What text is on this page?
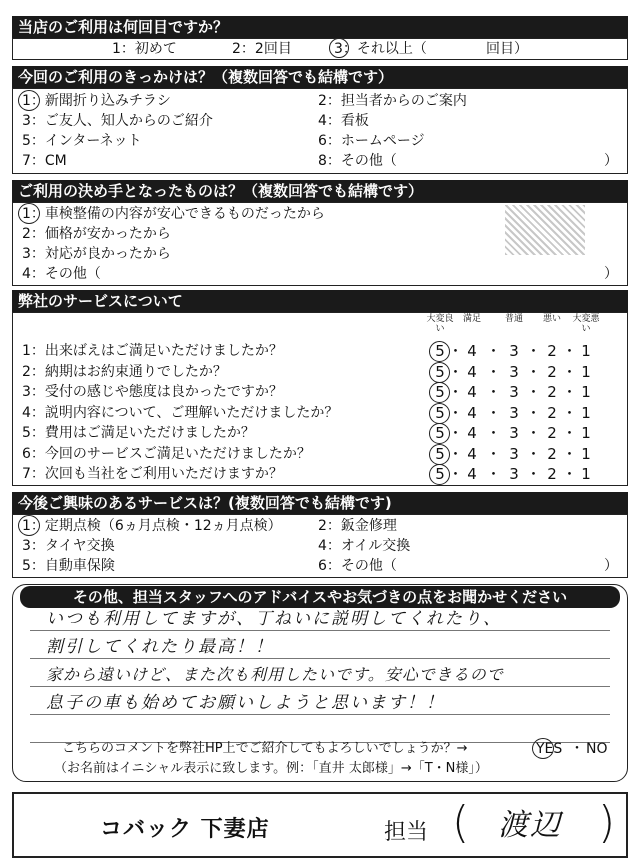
当店のご利用は何回目ですか？
1：初めて	2：2回目	3：それ以上（	回目）
今回のご利用のきっかけは？（複数回答でも結構です）
1：新聞折り込みチラシ	2：担当者からのご案内
3：ご友人、知人からのご紹介	4：看板
5：インターネット	6：ホームページ
7：CM	8：その他（	）
ご利用の決め手となったものは？（複数回答でも結構です）
1：車検整備の内容が安心できるものだったから
2：価格が安かったから
3：対応が良かったから
4：その他（	）
弊社のサービスについて
大変良い
満足	普通	悪い	大変悪い
1：出来ばえはご満足いただけましたか？	5 4 3 2 1
・ ・ ・ ・
2：納期はお約束通りでしたか？	5 4 3 2 1
・ ・ ・ ・
3：受付の感じや態度は良かったですか？	5 4 3 2 1
・ ・ ・ ・
4：説明内容について、ご理解いただけましたか？	5 4 3 2 1
・ ・ ・ ・
5：費用はご満足いただけましたか？	5 4 3 2 1
・ ・ ・ ・
6：今回のサービスご満足いただけましたか？	5 4 3 2 1
・ ・ ・ ・
7：次回も当社をご利用いただけますか？	5 4 3 2 1
・ ・ ・ ・
今後ご興味のあるサービスは？(複数回答でも結構です)
1：定期点検（6ヵ月点検・12ヵ月点検）	2：鈑金修理
3：タイヤ交換	4：オイル交換
5：自動車保険	6：その他（	）
その他、担当スタッフへのアドバイスやお気づきの点をお聞かせください
いつも利用してますが、丁ねいに説明してくれたり、
割引してくれたり最高！！
家から遠いけど、また次も利用したいです。安心できるので
息子の車も始めてお願いしようと思います！！
こちらのコメントを弊社HP上でご紹介してもよろしいでしょうか？→	YES ・ NO
（お名前はイニシャル表示に致します。例：「直井 太郎様」→「T・N様」）
コバック 下妻店	担当 ( 渡辺 )
